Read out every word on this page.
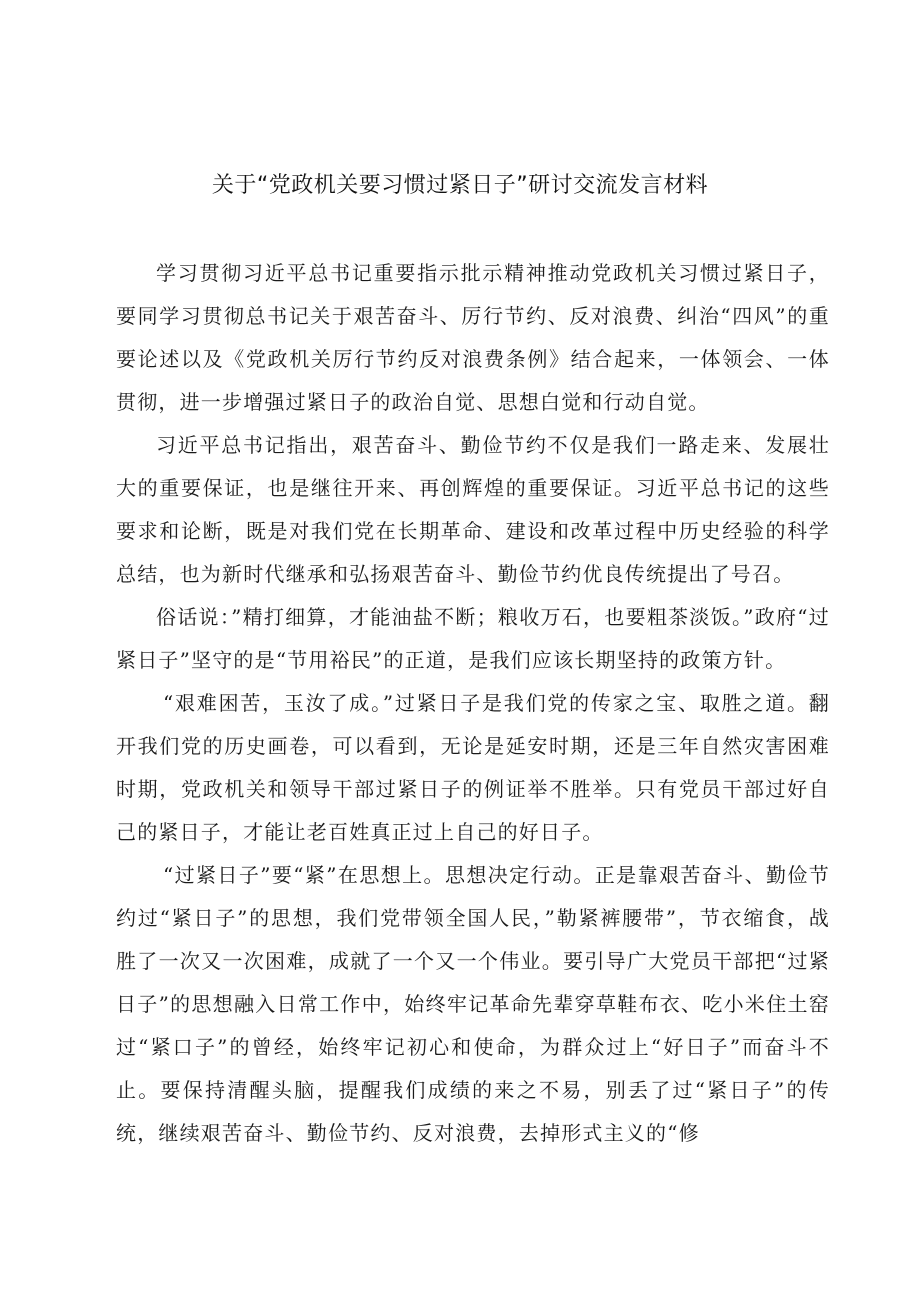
关于“党政机关要习惯过紧日子”研讨交流发言材料

学习贯彻习近平总书记重要指示批示精神推动党政机关习惯过紧日子，要同学习贯彻总书记关于艰苦奋斗、厉行节约、反对浪费、纠治“四风”的重要论述以及《党政机关厉行节约反对浪费条例》结合起来，一体领会、一体贯彻，进一步增强过紧日子的政治自觉、思想白觉和行动自觉。

习近平总书记指出，艰苦奋斗、勤俭节约不仅是我们一路走来、发展壮大的重要保证，也是继往开来、再创辉煌的重要保证。习近平总书记的这些要求和论断，既是对我们党在长期革命、建设和改革过程中历史经验的科学总结，也为新时代继承和弘扬艰苦奋斗、勤俭节约优良传统提出了号召。

俗话说：”精打细算，才能油盐不断；粮收万石，也要粗茶淡饭。”政府“过紧日子”坚守的是“节用裕民”的正道，是我们应该长期坚持的政策方针。

“艰难困苦，玉汝了成。”过紧日子是我们党的传家之宝、取胜之道。翻开我们党的历史画卷，可以看到，无论是延安时期，还是三年自然灾害困难时期，党政机关和领导干部过紧日子的例证举不胜举。只有党员干部过好自己的紧日子，才能让老百姓真正过上自己的好日子。

“过紧日子”要“紧”在思想上。思想决定行动。正是靠艰苦奋斗、勤俭节约过“紧日子”的思想，我们党带领全国人民，”勒紧裤腰带”，节衣缩食，战胜了一次又一次困难，成就了一个又一个伟业。要引导广大党员干部把“过紧日子”的思想融入日常工作中，始终牢记革命先辈穿草鞋布衣、吃小米住土窑过“紧口子”的曾经，始终牢记初心和使命，为群众过上“好日子”而奋斗不止。要保持清醒头脑，提醒我们成绩的来之不易，别丢了过“紧日子”的传统，继续艰苦奋斗、勤俭节约、反对浪费，去掉形式主义的“修
